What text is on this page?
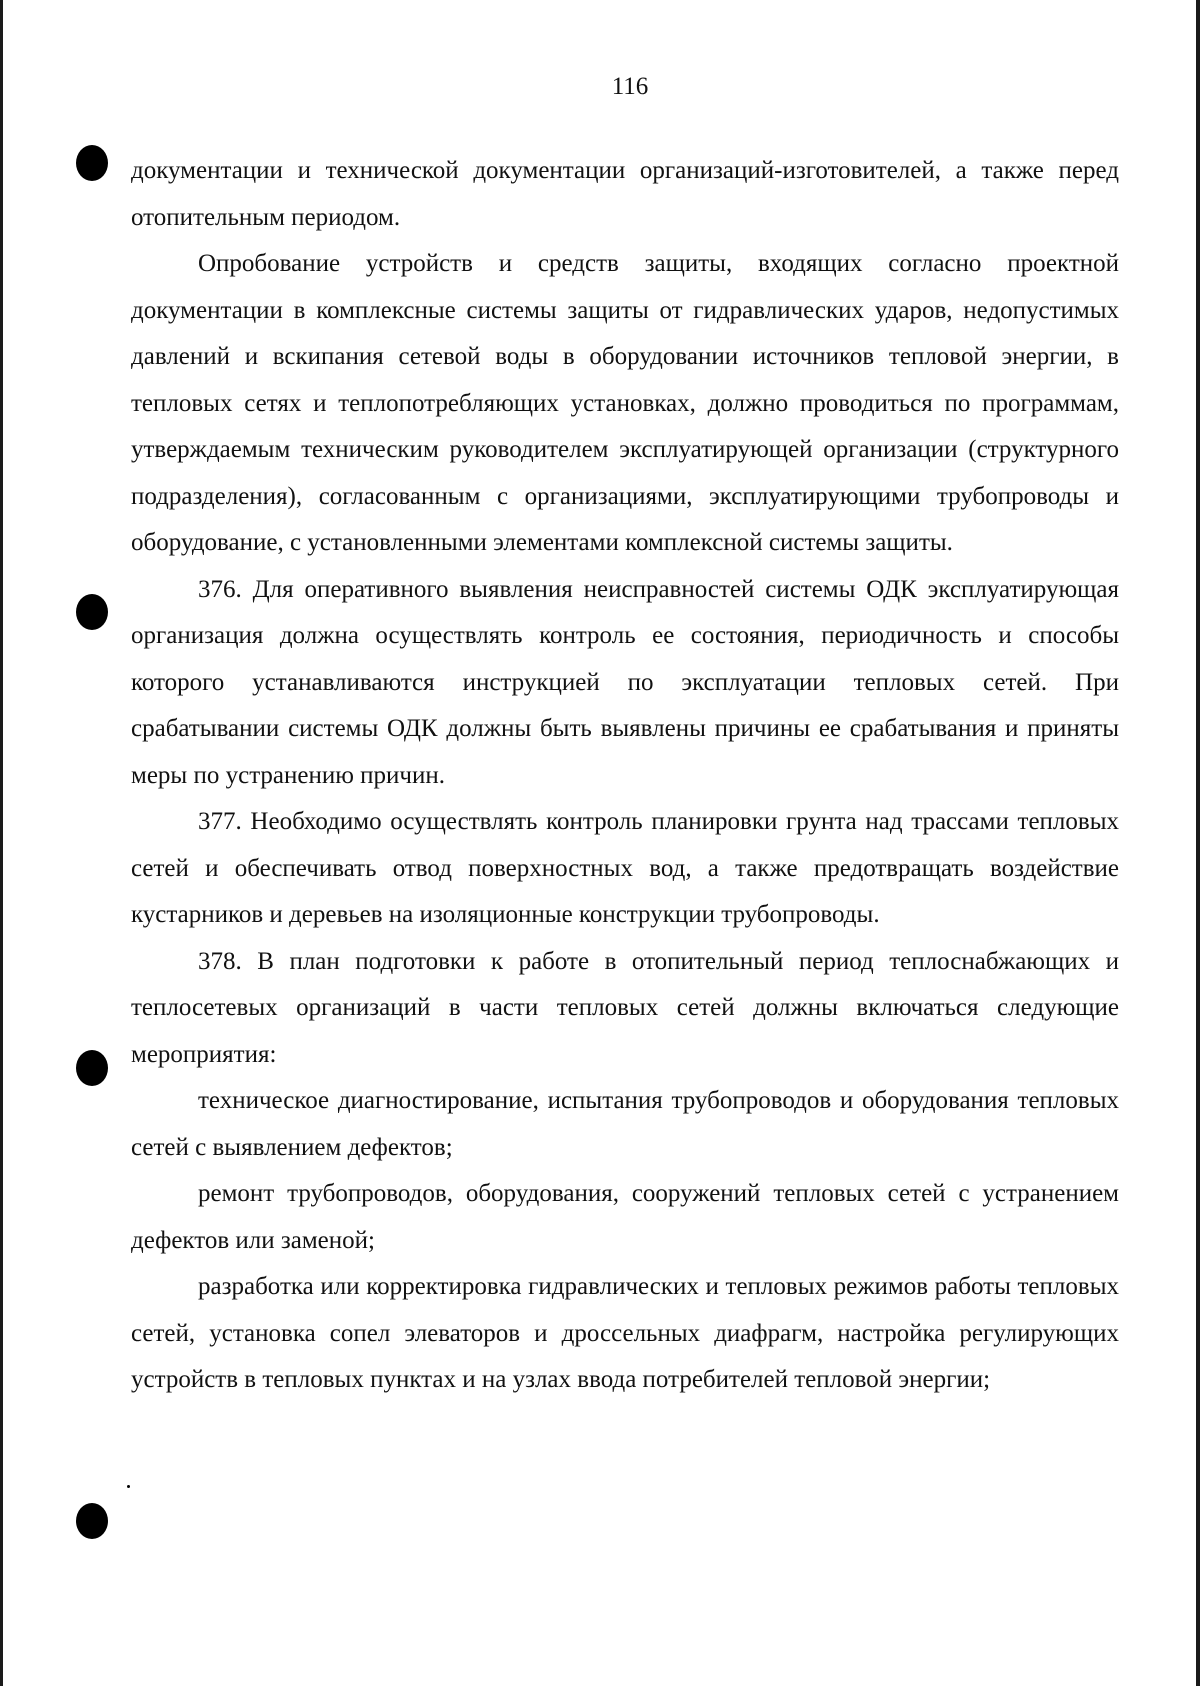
116

документации и технической документации организаций-изготовителей, а также перед отопительным периодом.

Опробование устройств и средств защиты, входящих согласно проектной документации в комплексные системы защиты от гидравлических ударов, недопустимых давлений и вскипания сетевой воды в оборудовании источников тепловой энергии, в тепловых сетях и теплопотребляющих установках, должно проводиться по программам, утверждаемым техническим руководителем эксплуатирующей организации (структурного подразделения), согласованным с организациями, эксплуатирующими трубопроводы и оборудование, с установленными элементами комплексной системы защиты.

376. Для оперативного выявления неисправностей системы ОДК эксплуатирующая организация должна осуществлять контроль ее состояния, периодичность и способы которого устанавливаются инструкцией по эксплуатации тепловых сетей. При срабатывании системы ОДК должны быть выявлены причины ее срабатывания и приняты меры по устранению причин.

377. Необходимо осуществлять контроль планировки грунта над трассами тепловых сетей и обеспечивать отвод поверхностных вод, а также предотвращать воздействие кустарников и деревьев на изоляционные конструкции трубопроводы.

378. В план подготовки к работе в отопительный период теплоснабжающих и теплосетевых организаций в части тепловых сетей должны включаться следующие мероприятия:

техническое диагностирование, испытания трубопроводов и оборудования тепловых сетей с выявлением дефектов;

ремонт трубопроводов, оборудования, сооружений тепловых сетей с устранением дефектов или заменой;

разработка или корректировка гидравлических и тепловых режимов работы тепловых сетей, установка сопел элеваторов и дроссельных диафрагм, настройка регулирующих устройств в тепловых пунктах и на узлах ввода потребителей тепловой энергии;
